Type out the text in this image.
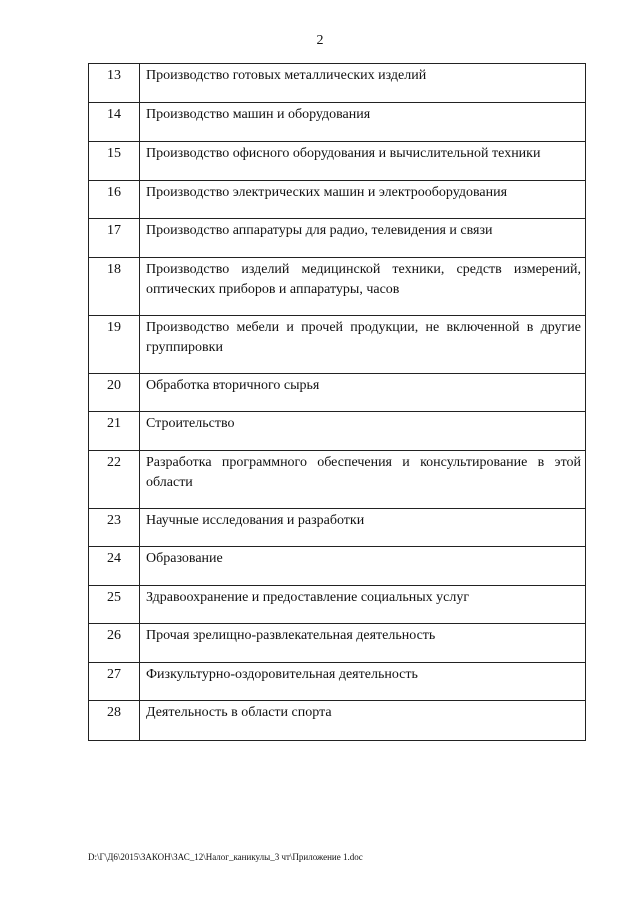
2
13	Производство готовых металлических изделий
14	Производство машин и оборудования
15	Производство офисного оборудования и вычислительной техники
16	Производство электрических машин и электрооборудования
17	Производство аппаратуры для радио, телевидения и связи
18	Производство изделий медицинской техники, средств измерений, оптических приборов и аппаратуры, часов
19	Производство мебели и прочей продукции, не включенной в другие группировки
20	Обработка вторичного сырья
21	Строительство
22	Разработка программного обеспечения и консультирование в этой области
23	Научные исследования и разработки
24	Образование
25	Здравоохранение и предоставление социальных услуг
26	Прочая зрелищно-развлекательная деятельность
27	Физкультурно-оздоровительная деятельность
28	Деятельность в области спорта
D:\Г\Д6\2015\ЗАКОН\ЗАС_12\Налог_каникулы_3 чт\Приложение 1.doc
